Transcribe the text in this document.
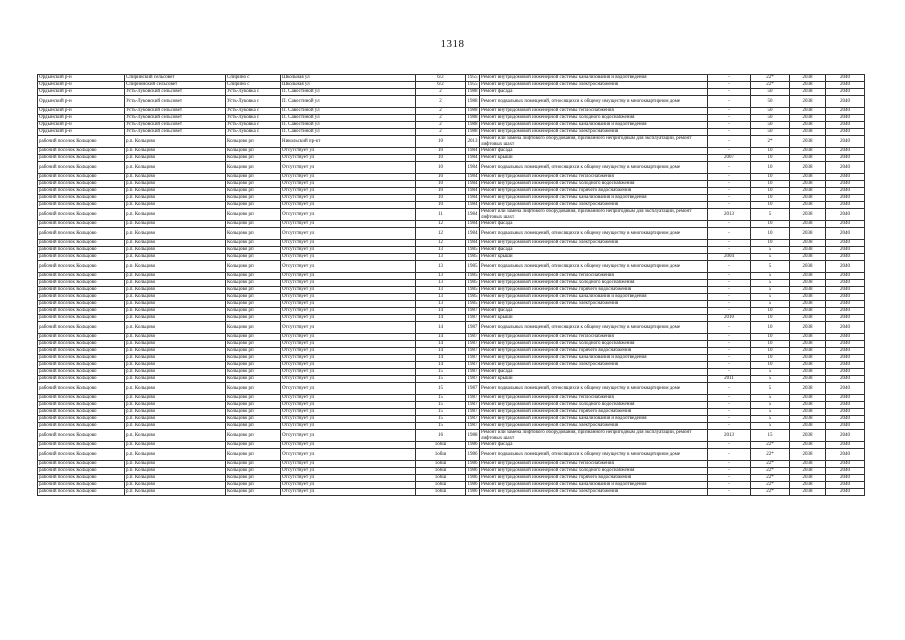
1318
Ордынский р-н	Спиринский сельсовет	Спирино с	Школьная ул	6/2	1955	Ремонт внутридомовой инженерной системы канализования и водоотведения	-	22*	2038	2040
Ордынский р-н	Спирнинский сельсовет	Спирино с	Школьная ул	6/2	1955	Ремонт внутридомовой инженерной системы электроснабжения	-	22*	2038	2040
Ордынский р-н	Усть-Луковский сельсовет	Усть-Луковка с	П. Савостиной ул	2	1988	Ремонт фасада	-	50	2038	2040
Ордынский р-н	Усть-Луковский сельсовет	Усть-Луковка с	П. Савостиной ул	2	1988	Ремонт подвальных помещений, относящихся к общему имуществу в многоквартирном доме	-	50	2038	2040
Ордынский р-н	Усть-Луковский сельсовет	Усть-Луковка с	П. Савостиной ул	2	1988	Ремонт внутридомовой инженерной системы теплоснабжения	-	50	2038	2040
Ордынский р-н	Усть-Луковский сельсовет	Усть-Луковка с	П. Савостиной ул	2	1988	Ремонт внутридомовой инженерной системы холодного водоснабжения	-	50	2038	2040
Ордынский р-н	Усть-Луковский сельсовет	Усть-Луковка с	П. Савостиной ул	2	1988	Ремонт внутридомовой инженерной системы канализования и водоотведения	-	50	2038	2040
Ордынский р-н	Усть-Луковский сельсовет	Усть-Луковка с	П. Савостиной ул	2	1988	Ремонт внутридомовой инженерной системы электроснабжения	-	50	2038	2040
рабочий поселок Кольцово	р.п. Кольцово	Кольцово рп	Никольский пр-кт	10	2013	Ремонт или замена лифтового оборудования, признанного непригодным для эксплуатации, ремонт лифтовых шахт	-	2*	2038	2040
рабочий поселок Кольцово	р.п. Кольцово	Кольцово рп	Отсутствует ул	10	1984	Ремонт фасада	-	10	2038	2040
рабочий поселок Кольцово	р.п. Кольцово	Кольцово рп	Отсутствует ул	10	1984	Ремонт крыши	2007	10	2038	2040
рабочий поселок Кольцово	р.п. Кольцово	Кольцово рп	Отсутствует ул	10	1984	Ремонт подвальных помещений, относящихся к общему имуществу в многоквартирном доме	-	10	2038	2040
рабочий поселок Кольцово	р.п. Кольцово	Кольцово рп	Отсутствует ул	10	1984	Ремонт внутридомовой инженерной системы теплоснабжения	-	10	2038	2040
рабочий поселок Кольцово	р.п. Кольцово	Кольцово рп	Отсутствует ул	10	1984	Ремонт внутридомовой инженерной системы холодного водоснабжения	-	10	2038	2040
рабочий поселок Кольцово	р.п. Кольцово	Кольцово рп	Отсутствует ул	10	1984	Ремонт внутридомовой инженерной системы горячего водоснабжения	-	10	2038	2040
рабочий поселок Кольцово	р.п. Кольцово	Кольцово рп	Отсутствует ул	10	1984	Ремонт внутридомовой инженерной системы канализования и водоотведения	-	10	2038	2040
рабочий поселок Кольцово	р.п. Кольцово	Кольцово рп	Отсутствует ул	10	1984	Ремонт внутридомовой инженерной системы электроснабжения	-	10	2038	2040
рабочий поселок Кольцово	р.п. Кольцово	Кольцово рп	Отсутствует ул	11	1984	Ремонт или замена лифтового оборудования, признанного непригодным для эксплуатации, ремонт лифтовых шахт	2013	5	2038	2040
рабочий поселок Кольцово	р.п. Кольцово	Кольцово рп	Отсутствует ул	12	1984	Ремонт фасада	-	10	2038	2040
рабочий поселок Кольцово	р.п. Кольцово	Кольцово рп	Отсутствует ул	12	1984	Ремонт подвальных помещений, относящихся к общему имуществу в многоквартирном доме	-	10	2038	2040
рабочий поселок Кольцово	р.п. Кольцово	Кольцово рп	Отсутствует ул	12	1984	Ремонт внутридомовой инженерной системы электроснабжения	-	10	2038	2040
рабочий поселок Кольцово	р.п. Кольцово	Кольцово рп	Отсутствует ул	13	1985	Ремонт фасада	-	5	2038	2040
рабочий поселок Кольцово	р.п. Кольцово	Кольцово рп	Отсутствует ул	13	1985	Ремонт крыши	2004	5	2038	2040
рабочий поселок Кольцово	р.п. Кольцово	Кольцово рп	Отсутствует ул	13	1985	Ремонт подвальных помещений, относящихся к общему имуществу в многоквартирном доме	-	5	2038	2040
рабочий поселок Кольцово	р.п. Кольцово	Кольцово рп	Отсутствует ул	13	1985	Ремонт внутридомовой инженерной системы теплоснабжения	-	5	2038	2040
рабочий поселок Кольцово	р.п. Кольцово	Кольцово рп	Отсутствует ул	13	1985	Ремонт внутридомовой инженерной системы холодного водоснабжения	-	5	2038	2040
рабочий поселок Кольцово	р.п. Кольцово	Кольцово рп	Отсутствует ул	13	1985	Ремонт внутридомовой инженерной системы горячего водоснабжения	-	5	2038	2040
рабочий поселок Кольцово	р.п. Кольцово	Кольцово рп	Отсутствует ул	13	1985	Ремонт внутридомовой инженерной системы канализования и водоотведения	-	5	2038	2040
рабочий поселок Кольцово	р.п. Кольцово	Кольцово рп	Отсутствует ул	13	1985	Ремонт внутридомовой инженерной системы электроснабжения	-	5	2038	2040
рабочий поселок Кольцово	р.п. Кольцово	Кольцово рп	Отсутствует ул	14	1987	Ремонт фасада	-	10	2038	2040
рабочий поселок Кольцово	р.п. Кольцово	Кольцово рп	Отсутствует ул	14	1987	Ремонт крыши	2010	10	2038	2040
рабочий поселок Кольцово	р.п. Кольцово	Кольцово рп	Отсутствует ул	14	1987	Ремонт подвальных помещений, относящихся к общему имуществу в многоквартирном доме	-	10	2038	2040
рабочий поселок Кольцово	р.п. Кольцово	Кольцово рп	Отсутствует ул	14	1987	Ремонт внутридомовой инженерной системы теплоснабжения	-	10	2038	2040
рабочий поселок Кольцово	р.п. Кольцово	Кольцово рп	Отсутствует ул	14	1987	Ремонт внутридомовой инженерной системы холодного водоснабжения	-	10	2038	2040
рабочий поселок Кольцово	р.п. Кольцово	Кольцово рп	Отсутствует ул	14	1987	Ремонт внутридомовой инженерной системы горячего водоснабжения	-	10	2038	2040
рабочий поселок Кольцово	р.п. Кольцово	Кольцово рп	Отсутствует ул	14	1987	Ремонт внутридомовой инженерной системы канализования и водоотведения	-	10	2038	2040
рабочий поселок Кольцово	р.п. Кольцово	Кольцово рп	Отсутствует ул	14	1987	Ремонт внутридомовой инженерной системы электроснабжения	-	10	2038	2040
рабочий поселок Кольцово	р.п. Кольцово	Кольцово рп	Отсутствует ул	15	1987	Ремонт фасада	-	5	2038	2040
рабочий поселок Кольцово	р.п. Кольцово	Кольцово рп	Отсутствует ул	15	1987	Ремонт крыши	2011	5	2038	2040
рабочий поселок Кольцово	р.п. Кольцово	Кольцово рп	Отсутствует ул	15	1987	Ремонт подвальных помещений, относящихся к общему имуществу в многоквартирном доме	-	5	2038	2040
рабочий поселок Кольцово	р.п. Кольцово	Кольцово рп	Отсутствует ул	15	1987	Ремонт внутридомовой инженерной системы теплоснабжения	-	5	2038	2040
рабочий поселок Кольцово	р.п. Кольцово	Кольцово рп	Отсутствует ул	15	1987	Ремонт внутридомовой инженерной системы холодного водоснабжения	-	5	2038	2040
рабочий поселок Кольцово	р.п. Кольцово	Кольцово рп	Отсутствует ул	15	1987	Ремонт внутридомовой инженерной системы горячего водоснабжения	-	5	2038	2040
рабочий поселок Кольцово	р.п. Кольцово	Кольцово рп	Отсутствует ул	15	1987	Ремонт внутридомовой инженерной системы канализования и водоотведения	-	5	2038	2040
рабочий поселок Кольцово	р.п. Кольцово	Кольцово рп	Отсутствует ул	15	1987	Ремонт внутридомовой инженерной системы электроснабжения	-	5	2038	2040
рабочий поселок Кольцово	р.п. Кольцово	Кольцово рп	Отсутствует ул	16	1988	Ремонт или замена лифтового оборудования, признанного непригодным для эксплуатации, ремонт лифтовых шахт	2013	15	2038	2040
рабочий поселок Кольцово	р.п. Кольцово	Кольцово рп	Отсутствует ул	1обш	1986	Ремонт фасада	-	22*	2038	2040
рабочий поселок Кольцово	р.п. Кольцово	Кольцово рп	Отсутствует ул	1обш	1986	Ремонт подвальных помещений, относящихся к общему имуществу в многоквартирном доме	-	22*	2038	2040
рабочий поселок Кольцово	р.п. Кольцово	Кольцово рп	Отсутствует ул	1обш	1986	Ремонт внутридомовой инженерной системы теплоснабжения	-	22*	2038	2040
рабочий поселок Кольцово	р.п. Кольцово	Кольцово рп	Отсутствует ул	1обш	1986	Ремонт внутридомовой инженерной системы холодного водоснабжения	-	22*	2038	2040
рабочий поселок Кольцово	р.п. Кольцово	Кольцово рп	Отсутствует ул	1обш	1986	Ремонт внутридомовой инженерной системы горячего водоснабжения	-	22*	2038	2040
рабочий поселок Кольцово	р.п. Кольцово	Кольцово рп	Отсутствует ул	1обш	1986	Ремонт внутридомовой инженерной системы канализования и водоотведения	-	22*	2038	2040
рабочий поселок Кольцово	р.п. Кольцово	Кольцово рп	Отсутствует ул	1обш	1986	Ремонт внутридомовой инженерной системы электроснабжения	-	22*	2038	2040
